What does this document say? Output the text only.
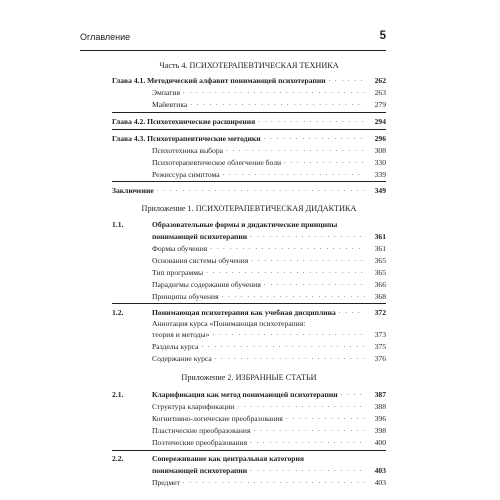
Оглавление	5
Часть 4. ПСИХОТЕРАПЕВТИЧЕСКАЯ ТЕХНИКА
Глава 4.1. Методический алфавит понимающей психотерапии . . .	262
Эмпатия . . .	263
Майевтика . . .	279
Глава 4.2. Психотехнические расширения . . .	294
Глава 4.3. Психотерапевтические методики . . .	296
Психотехника выбора . . .	308
Психотерапевтическое облегчение боли . . .	330
Режиссура симптома . . .	339
Заключение . . .	349
Приложение 1. ПСИХОТЕРАПЕВТИЧЕСКАЯ ДИДАКТИКА
1.1.	Образовательные формы и дидактические принципы
понимающей психотерапии . . .	361
Формы обучения . . .	361
Основания системы обучения . . .	365
Тип программы . . .	365
Парадигмы содержания обучения . . .	366
Принципы обучения . . .	368
1.2.	Понимающая психотерапия как учебная дисциплина . . .	372
Аннотация курса «Понимающая психотерапия:
теория и методы» . . .	373
Разделы курса . . .	375
Содержание курса . . .	376
Приложение 2. ИЗБРАННЫЕ СТАТЬИ
2.1.	Кларификация как метод понимающей психотерапии . . .	387
Структура кларификации . . .	388
Когнитивно-логические преобразования . . .	396
Пластические преобразования . . .	398
Поэтические преобразования . . .	400
2.2.	Сопереживание как центральная категория
понимающей психотерапии . . .	403
Предмет . . .	403
